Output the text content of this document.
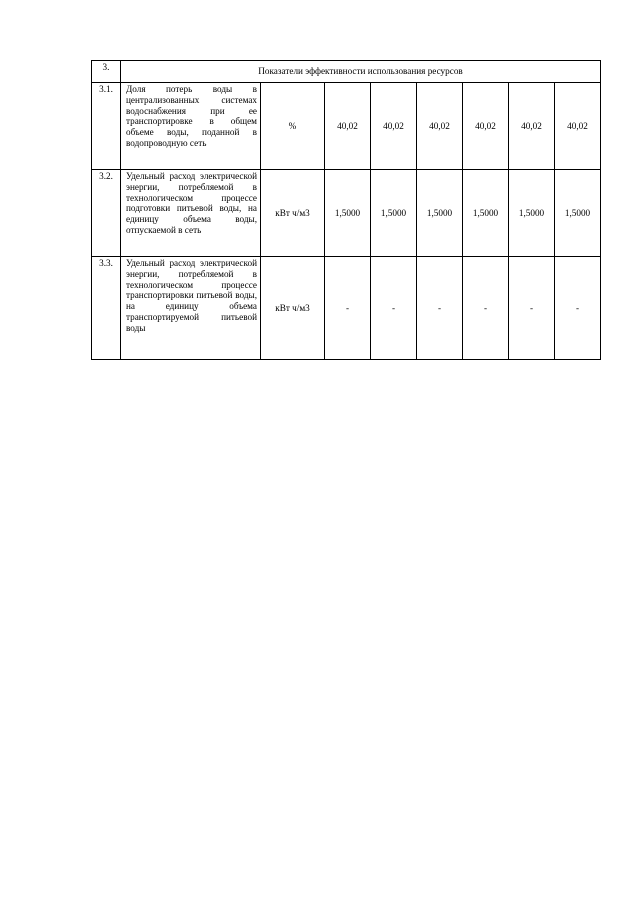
3.	Показатели эффективности использования ресурсов							
3.1.	Доля потерь воды в централизованных системах водоснабжения при ее транспортировке в общем объеме воды, поданной в водопроводную сеть	%	40,02	40,02	40,02	40,02	40,02	40,02
3.2.	Удельный расход электрической энергии, потребляемой в технологическом процессе подготовки питьевой воды, на единицу объема воды, отпускаемой в сеть	кВт ч/м3	1,5000	1,5000	1,5000	1,5000	1,5000	1,5000
3.3.	Удельный расход электрической энергии, потребляемой в технологическом процессе транспортировки питьевой воды, на единицу объема транспортируемой питьевой воды	кВт ч/м3	-	-	-	-	-	-
